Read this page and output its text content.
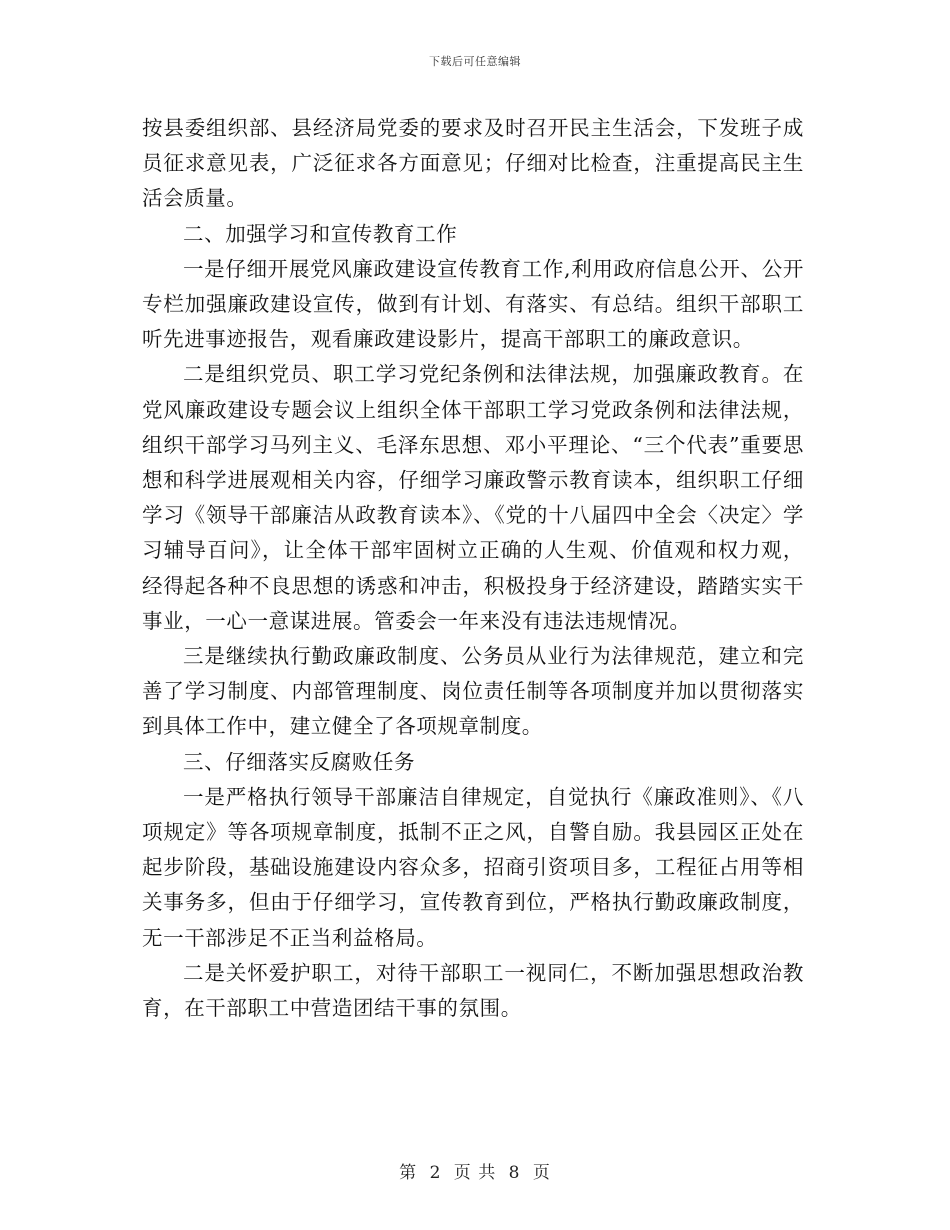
下载后可任意编辑

按县委组织部、县经济局党委的要求及时召开民主生活会，下发班子成员征求意见表，广泛征求各方面意见；仔细对比检查，注重提高民主生活会质量。

二、加强学习和宣传教育工作

一是仔细开展党风廉政建设宣传教育工作,利用政府信息公开、公开专栏加强廉政建设宣传，做到有计划、有落实、有总结。组织干部职工听先进事迹报告，观看廉政建设影片，提高干部职工的廉政意识。

二是组织党员、职工学习党纪条例和法律法规，加强廉政教育。在党风廉政建设专题会议上组织全体干部职工学习党政条例和法律法规，组织干部学习马列主义、毛泽东思想、邓小平理论、“三个代表”重要思想和科学进展观相关内容，仔细学习廉政警示教育读本，组织职工仔细学习《领导干部廉洁从政教育读本》、《党的十八届四中全会〈决定〉学习辅导百问》，让全体干部牢固树立正确的人生观、价值观和权力观，经得起各种不良思想的诱惑和冲击，积极投身于经济建设，踏踏实实干事业，一心一意谋进展。管委会一年来没有违法违规情况。

三是继续执行勤政廉政制度、公务员从业行为法律规范，建立和完善了学习制度、内部管理制度、岗位责任制等各项制度并加以贯彻落实到具体工作中，建立健全了各项规章制度。

三、仔细落实反腐败任务

一是严格执行领导干部廉洁自律规定，自觉执行《廉政准则》、《八项规定》等各项规章制度，抵制不正之风，自警自励。我县园区正处在起步阶段，基础设施建设内容众多，招商引资项目多，工程征占用等相关事务多，但由于仔细学习，宣传教育到位，严格执行勤政廉政制度，无一干部涉足不正当利益格局。

二是关怀爱护职工，对待干部职工一视同仁，不断加强思想政治教育，在干部职工中营造团结干事的氛围。

第 2 页 共 8 页
